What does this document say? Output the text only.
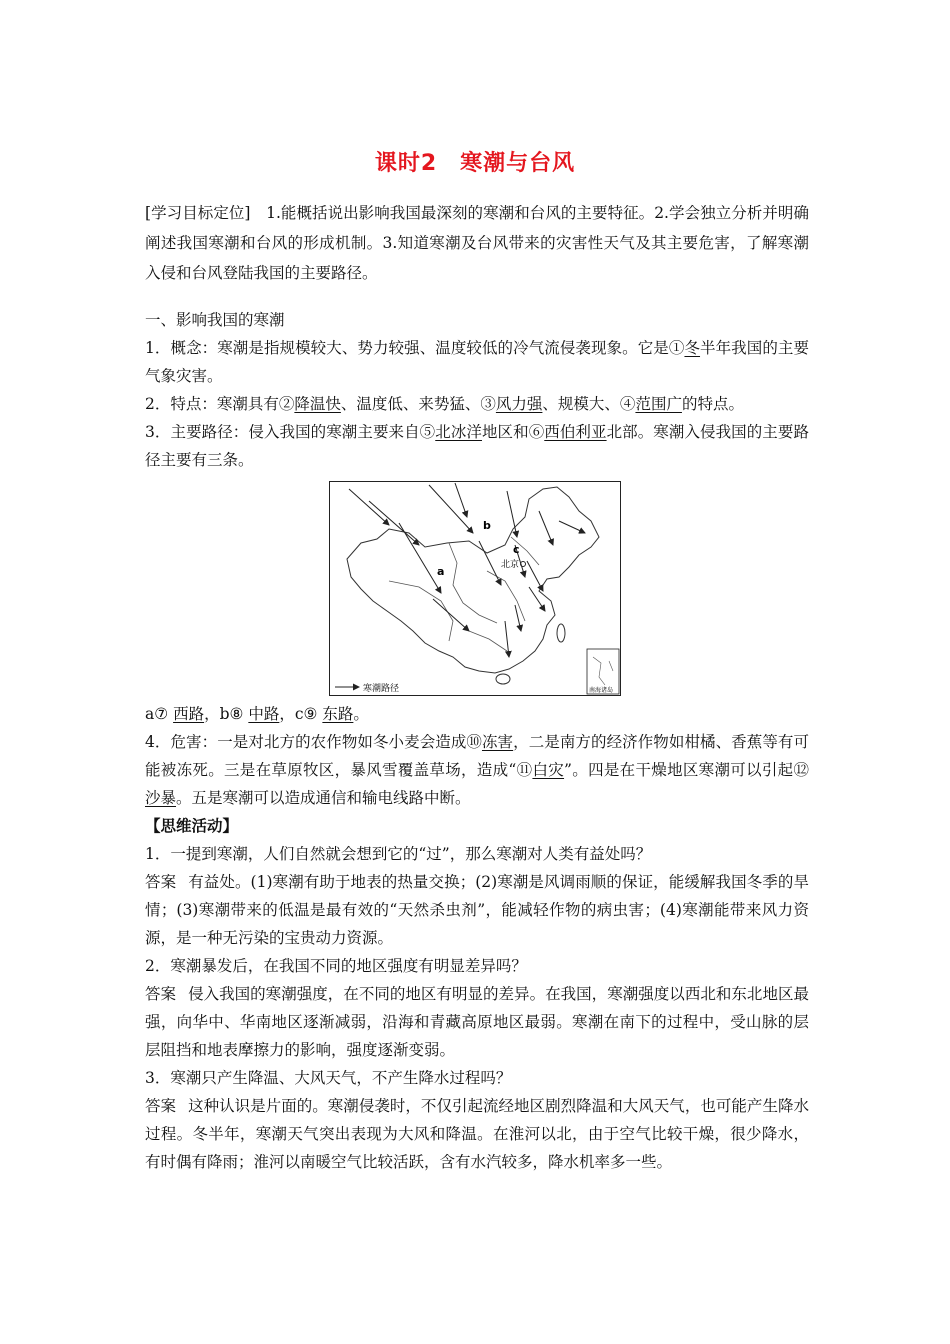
课时2　寒潮与台风

[学习目标定位]　 1.能概括说出影响我国最深刻的寒潮和台风的主要特征。2.学会独立分析并明确阐述我国寒潮和台风的形成机制。3.知道寒潮及台风带来的灾害性天气及其主要危害，了解寒潮入侵和台风登陆我国的主要路径。

一、影响我国的寒潮

1．概念：寒潮是指规模较大、势力较强、温度较低的冷气流侵袭现象。它是①冬半年我国的主要气象灾害。

2．特点：寒潮具有②降温快、温度低、来势猛、③风力强、规模大、④范围广的特点。

3．主要路径：侵入我国的寒潮主要来自⑤北冰洋地区和⑥西伯利亚北部。寒潮入侵我国的主要路径主要有三条。

a
b
c
北京
寒潮路径	南海诸岛

a⑦ 西路，b⑧ 中路，c⑨ 东路。

4．危害：一是对北方的农作物如冬小麦会造成⑩冻害，二是南方的经济作物如柑橘、香蕉等有可能被冻死。三是在草原牧区，暴风雪覆盖草场，造成“⑪白灾”。四是在干燥地区寒潮可以引起⑫沙暴。五是寒潮可以造成通信和输电线路中断。

【思维活动】

1．一提到寒潮，人们自然就会想到它的“过”，那么寒潮对人类有益处吗？

答案 有益处。(1)寒潮有助于地表的热量交换；(2)寒潮是风调雨顺的保证，能缓解我国冬季的旱情；(3)寒潮带来的低温是最有效的“天然杀虫剂”，能减轻作物的病虫害；(4)寒潮能带来风力资源，是一种无污染的宝贵动力资源。

2．寒潮暴发后，在我国不同的地区强度有明显差异吗？

答案 侵入我国的寒潮强度，在不同的地区有明显的差异。在我国，寒潮强度以西北和东北地区最强，向华中、华南地区逐渐减弱，沿海和青藏高原地区最弱。寒潮在南下的过程中，受山脉的层层阻挡和地表摩擦力的影响，强度逐渐变弱。

3．寒潮只产生降温、大风天气，不产生降水过程吗？

答案 这种认识是片面的。寒潮侵袭时，不仅引起流经地区剧烈降温和大风天气，也可能产生降水过程。冬半年，寒潮天气突出表现为大风和降温。在淮河以北，由于空气比较干燥，很少降水，有时偶有降雨；淮河以南暖空气比较活跃，含有水汽较多，降水机率多一些。
